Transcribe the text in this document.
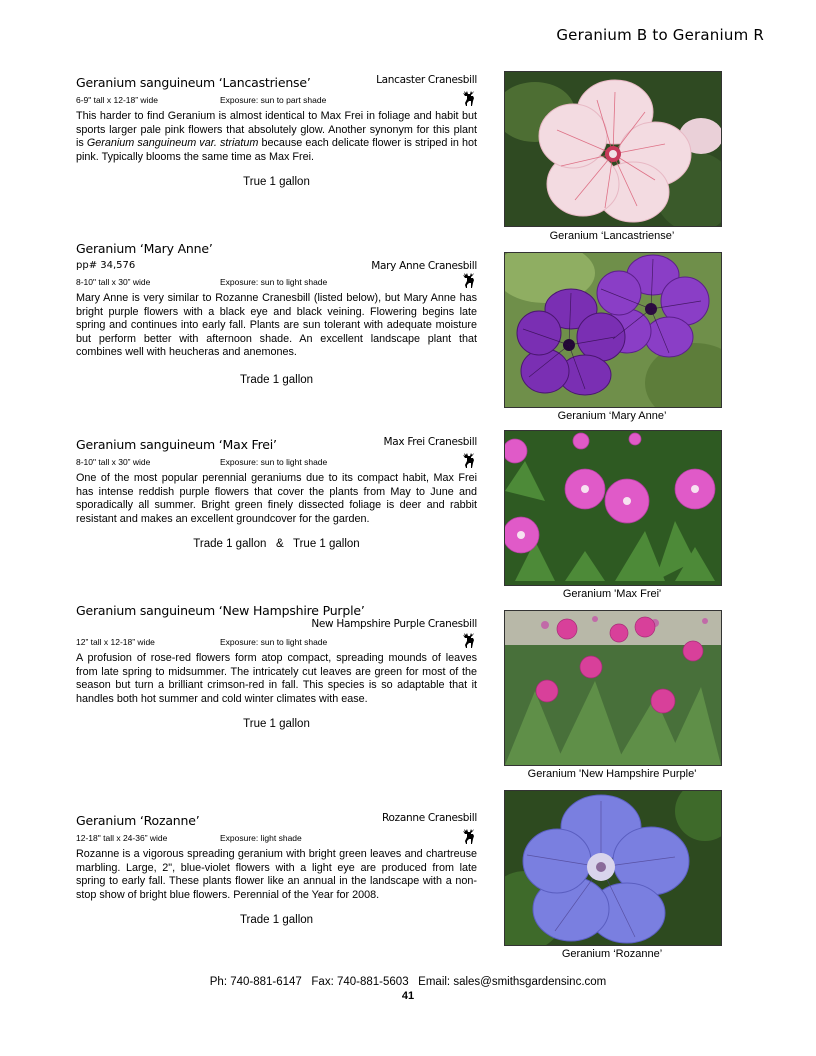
Geranium B to Geranium R
Geranium sanguineum ‘Lancastriense’	Lancaster Cranesbill
6-9" tall x 12-18” wide	Exposure: sun to part shade
This harder to find Geranium is almost identical to Max Frei in foliage and habit but sports larger pale pink flowers that absolutely glow. Another synonym for this plant is Geranium sanguineum var. striatum because each delicate flower is striped in hot pink. Typically blooms the same time as Max Frei.
True 1 gallon
Geranium ‘Mary Anne’
pp# 34,576	Mary Anne Cranesbill
8-10" tall x 30” wide	Exposure: sun to light shade
Mary Anne is very similar to Rozanne Cranesbill (listed below), but Mary Anne has bright purple flowers with a black eye and black veining. Flowering begins late spring and continues into early fall. Plants are sun tolerant with adequate moisture but perform better with afternoon shade. An excellent landscape plant that combines well with heucheras and anemones.
Trade 1 gallon
Geranium sanguineum ‘Max Frei’	Max Frei Cranesbill
8-10" tall x 30” wide	Exposure: sun to light shade
One of the most popular perennial geraniums due to its compact habit, Max Frei has intense reddish purple flowers that cover the plants from May to June and sporadically all summer. Bright green finely dissected foliage is deer and rabbit resistant and makes an excellent groundcover for the garden.
Trade 1 gallon   &   True 1 gallon
Geranium sanguineum ‘New Hampshire Purple’
New Hampshire Purple Cranesbill
12” tall x 12-18” wide	Exposure: sun to light shade
A profusion of rose-red flowers form atop compact, spreading mounds of leaves from late spring to midsummer. The intricately cut leaves are green for most of the season but turn a brilliant crimson-red in fall. This species is so adaptable that it handles both hot summer and cold winter climates with ease.
True 1 gallon
Geranium ‘Rozanne’	Rozanne Cranesbill
12-18" tall x 24-36” wide	Exposure: light shade
Rozanne is a vigorous spreading geranium with bright green leaves and chartreuse marbling. Large, 2", blue-violet flowers with a light eye are produced from late spring to early fall. These plants flower like an annual in the landscape with a non-stop show of bright blue flowers. Perennial of the Year for 2008.
Trade 1 gallon
Geranium ‘Lancastriense’
Geranium ‘Mary Anne’
Geranium 'Max Frei'
Geranium 'New Hampshire Purple'
Geranium ‘Rozanne’
Ph: 740-881-6147   Fax: 740-881-5603   Email: sales@smithsgardensinc.com
41
